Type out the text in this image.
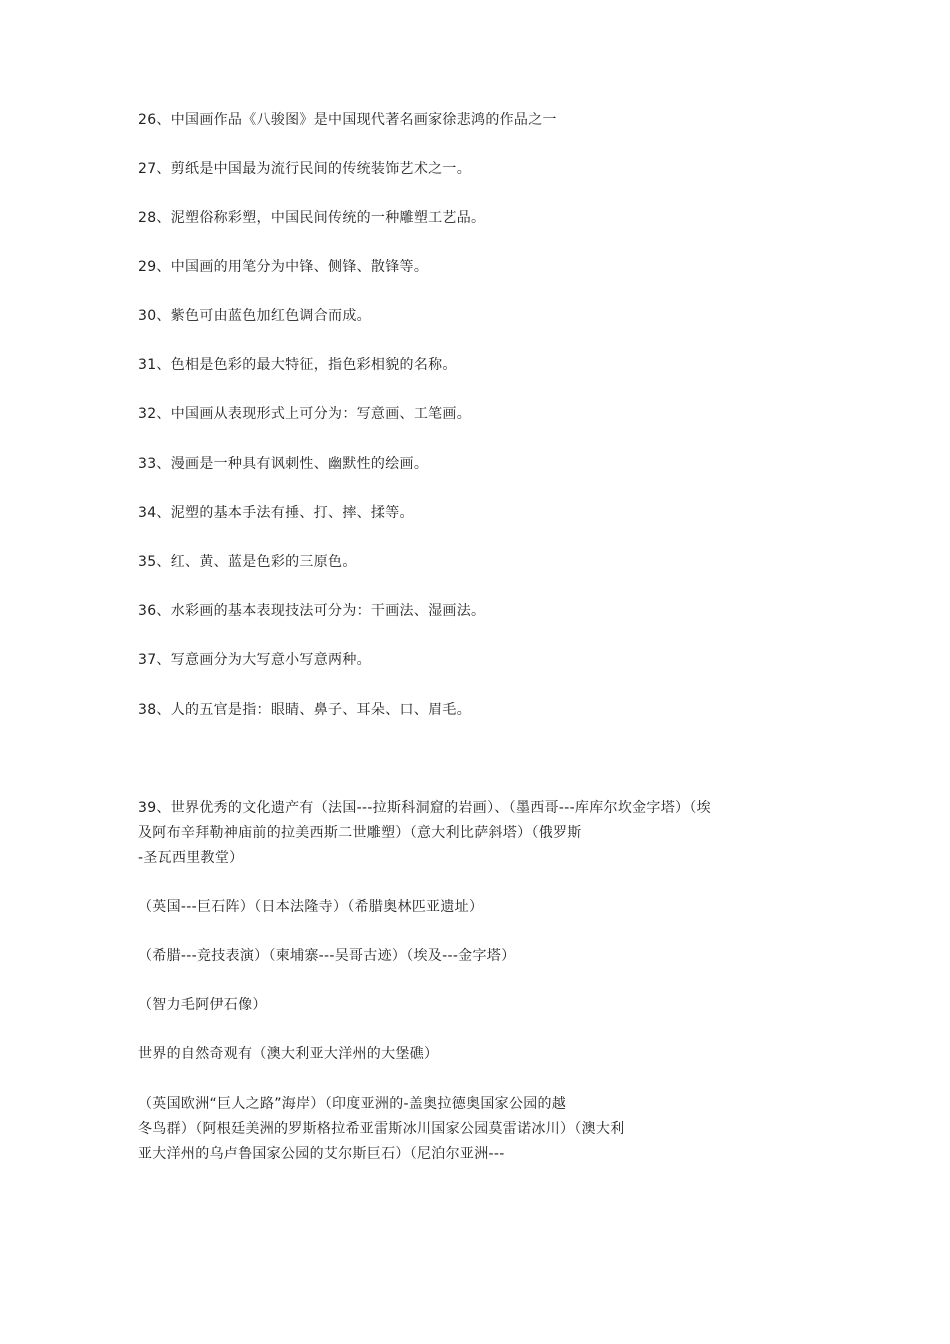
26、中国画作品《八骏图》是中国现代著名画家徐悲鸿的作品之一
27、剪纸是中国最为流行民间的传统装饰艺术之一。
28、泥塑俗称彩塑，中国民间传统的一种雕塑工艺品。
29、中国画的用笔分为中锋、侧锋、散锋等。
30、紫色可由蓝色加红色调合而成。
31、色相是色彩的最大特征，指色彩相貌的名称。
32、中国画从表现形式上可分为：写意画、工笔画。
33、漫画是一种具有讽刺性、幽默性的绘画。
34、泥塑的基本手法有捶、打、摔、揉等。
35、红、黄、蓝是色彩的三原色。
36、水彩画的基本表现技法可分为：干画法、湿画法。
37、写意画分为大写意小写意两种。
38、人的五官是指：眼睛、鼻子、耳朵、口、眉毛。
39、世界优秀的文化遗产有（法国---拉斯科洞窟的岩画）、（墨西哥---库库尔坎金字塔）（埃
及阿布辛拜勒神庙前的拉美西斯二世雕塑）（意大利比萨斜塔）（俄罗斯
-圣瓦西里教堂）
（英国---巨石阵）（日本法隆寺）（希腊奥林匹亚遗址）
（希腊---竞技表演）（柬埔寨---吴哥古迹）（埃及---金字塔）
（智力毛阿伊石像）
世界的自然奇观有（澳大利亚大洋州的大堡礁）
（英国欧洲“巨人之路”海岸）（印度亚洲的-盖奥拉德奥国家公园的越
冬鸟群）（阿根廷美洲的罗斯格拉希亚雷斯冰川国家公园莫雷诺冰川）（澳大利
亚大洋州的乌卢鲁国家公园的艾尔斯巨石）（尼泊尔亚洲---
